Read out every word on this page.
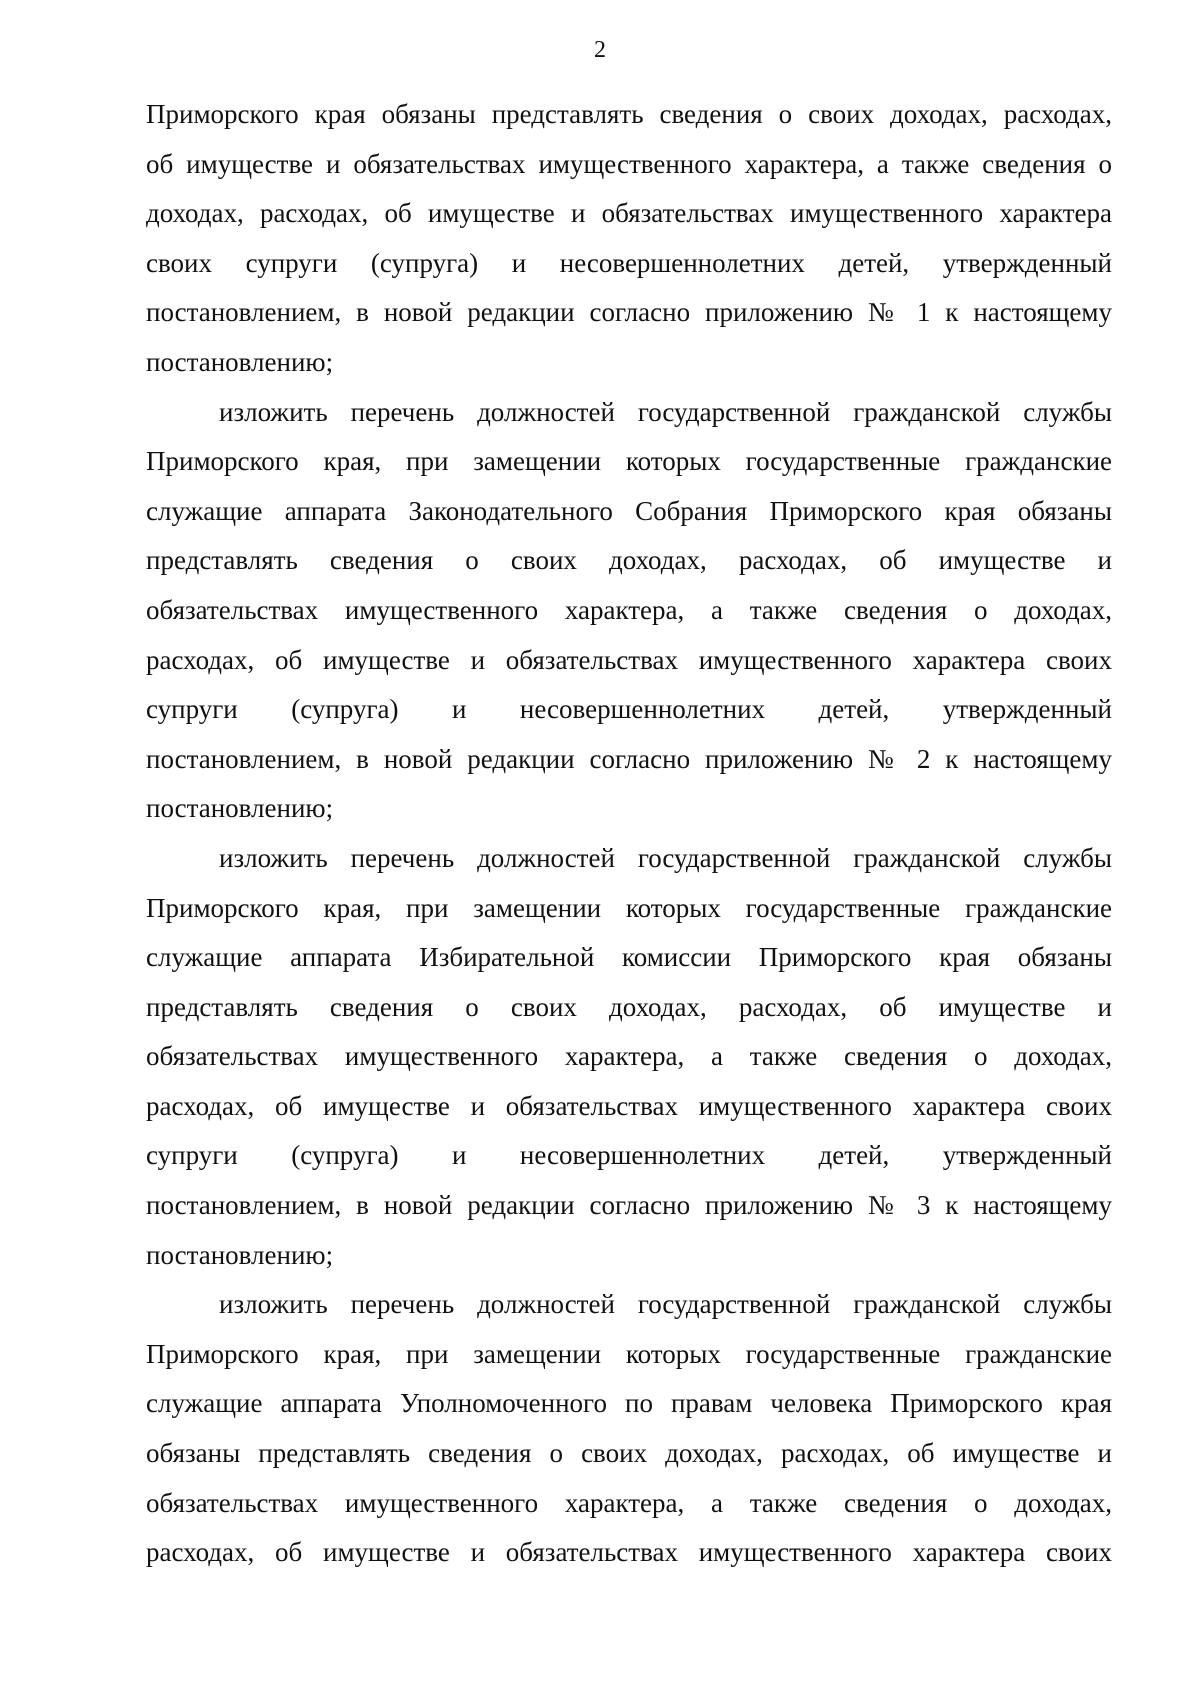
2
Приморского края обязаны представлять сведения о своих доходах, расходах,
об имуществе и обязательствах имущественного характера, а также сведения о
доходах, расходах, об имуществе и обязательствах имущественного характера
своих супруги (супруга) и несовершеннолетних детей, утвержденный
постановлением, в новой редакции согласно приложению № 1 к настоящему
постановлению;
изложить перечень должностей государственной гражданской службы
Приморского края, при замещении которых государственные гражданские
служащие аппарата Законодательного Собрания Приморского края обязаны
представлять сведения о своих доходах, расходах, об имуществе и
обязательствах имущественного характера, а также сведения о доходах,
расходах, об имуществе и обязательствах имущественного характера своих
супруги (супруга) и несовершеннолетних детей, утвержденный
постановлением, в новой редакции согласно приложению № 2 к настоящему
постановлению;
изложить перечень должностей государственной гражданской службы
Приморского края, при замещении которых государственные гражданские
служащие аппарата Избирательной комиссии Приморского края обязаны
представлять сведения о своих доходах, расходах, об имуществе и
обязательствах имущественного характера, а также сведения о доходах,
расходах, об имуществе и обязательствах имущественного характера своих
супруги (супруга) и несовершеннолетних детей, утвержденный
постановлением, в новой редакции согласно приложению № 3 к настоящему
постановлению;
изложить перечень должностей государственной гражданской службы
Приморского края, при замещении которых государственные гражданские
служащие аппарата Уполномоченного по правам человека Приморского края
обязаны представлять сведения о своих доходах, расходах, об имуществе и
обязательствах имущественного характера, а также сведения о доходах,
расходах, об имуществе и обязательствах имущественного характера своих
